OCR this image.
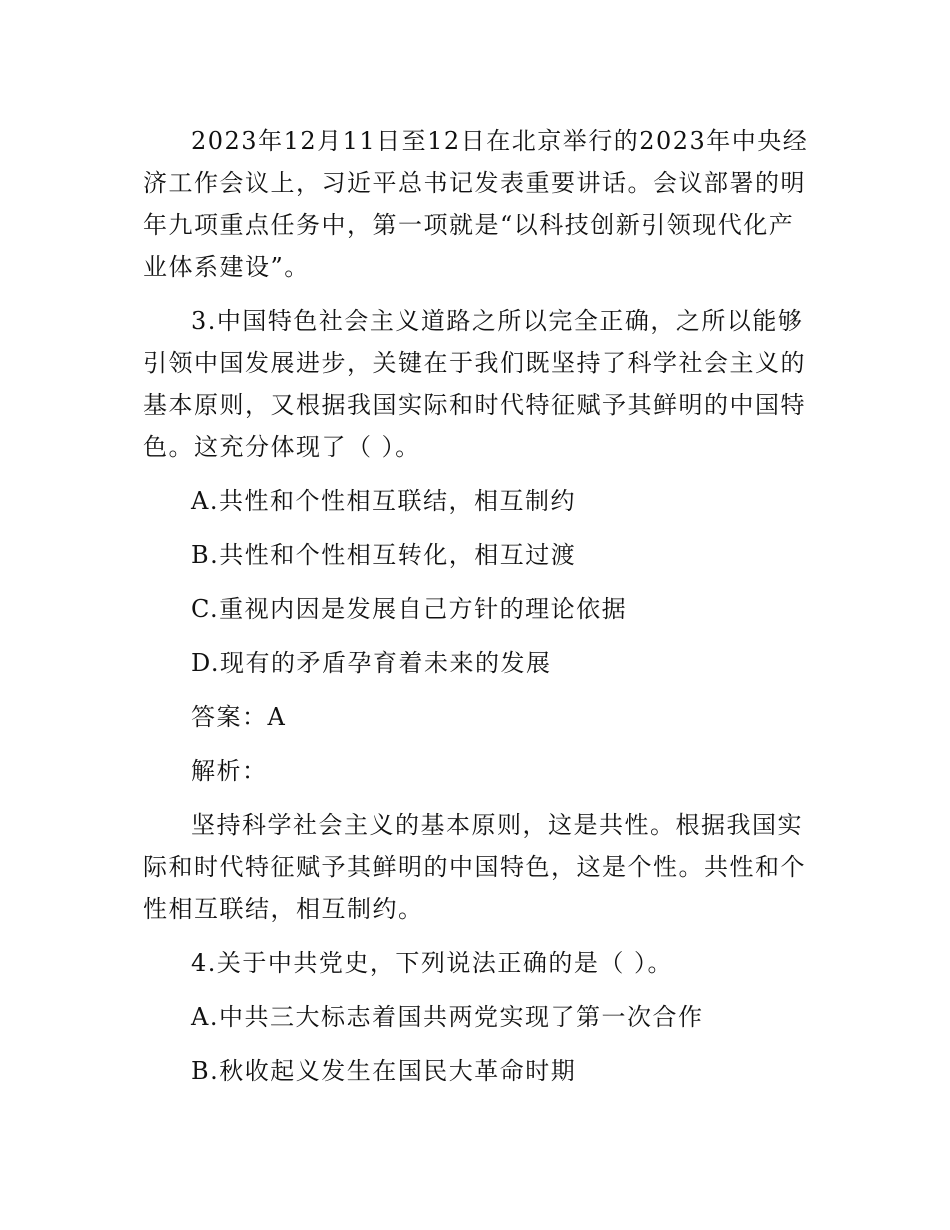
2023年12月11日至12日在北京举行的2023年中央经济工作会议上，习近平总书记发表重要讲话。会议部署的明年九项重点任务中，第一项就是“以科技创新引领现代化产业体系建设”。

3.中国特色社会主义道路之所以完全正确，之所以能够引领中国发展进步，关键在于我们既坚持了科学社会主义的基本原则，又根据我国实际和时代特征赋予其鲜明的中国特色。这充分体现了（ ）。

A.共性和个性相互联结，相互制约
B.共性和个性相互转化，相互过渡
C.重视内因是发展自己方针的理论依据
D.现有的矛盾孕育着未来的发展
答案：A
解析：

坚持科学社会主义的基本原则，这是共性。根据我国实际和时代特征赋予其鲜明的中国特色，这是个性。共性和个性相互联结，相互制约。

4.关于中共党史，下列说法正确的是（ ）。
A.中共三大标志着国共两党实现了第一次合作
B.秋收起义发生在国民大革命时期
